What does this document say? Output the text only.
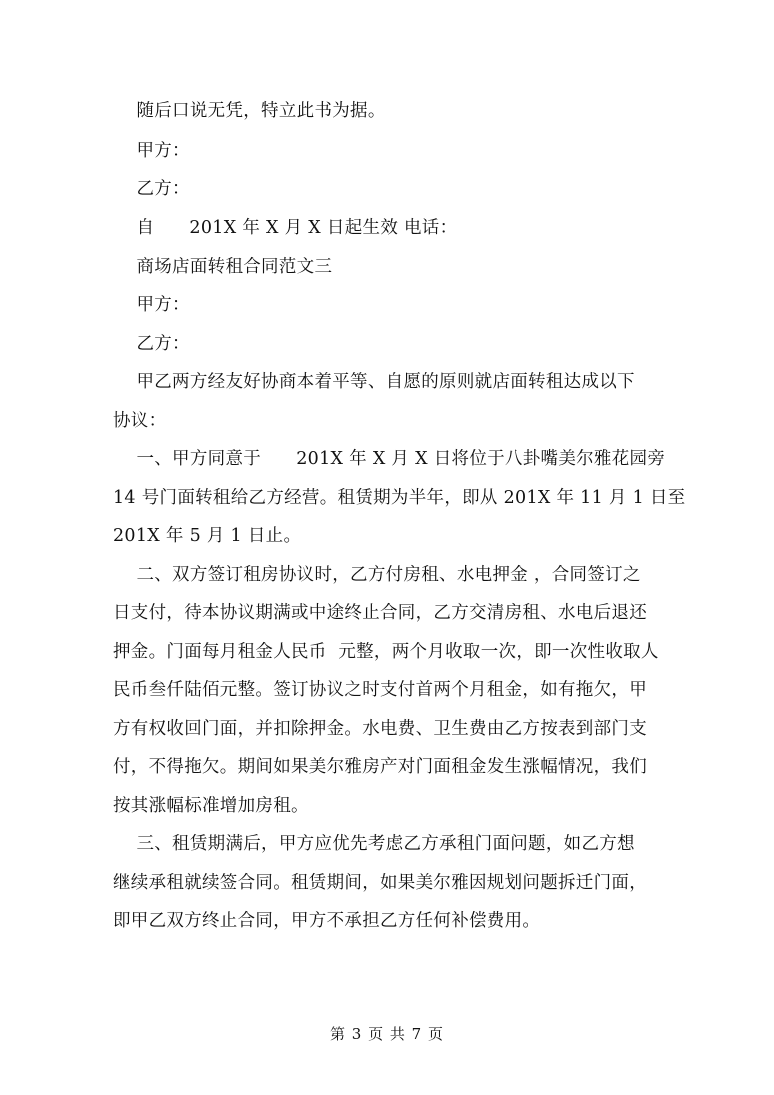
随后口说无凭，特立此书为据。
甲方：
乙方：
自      201X 年 X 月 X 日起生效 电话：
商场店面转租合同范文三
甲方：
乙方：
甲乙两方经友好协商本着平等、自愿的原则就店面转租达成以下
协议：
一、甲方同意于      201X 年 X 月 X 日将位于八卦嘴美尔雅花园旁
14 号门面转租给乙方经营。租赁期为半年，即从 201X 年 11 月 1 日至
201X 年 5 月 1 日止。
二、双方签订租房协议时，乙方付房租、水电押金 ，合同签订之
日支付，待本协议期满或中途终止合同，乙方交清房租、水电后退还
押金。门面每月租金人民币  元整，两个月收取一次，即一次性收取人
民币叁仟陆佰元整。签订协议之时支付首两个月租金，如有拖欠，甲
方有权收回门面，并扣除押金。水电费、卫生费由乙方按表到部门支
付，不得拖欠。期间如果美尔雅房产对门面租金发生涨幅情况，我们
按其涨幅标准增加房租。
三、租赁期满后，甲方应优先考虑乙方承租门面问题，如乙方想
继续承租就续签合同。租赁期间，如果美尔雅因规划问题拆迁门面，
即甲乙双方终止合同，甲方不承担乙方任何补偿费用。
第 3 页 共 7 页
